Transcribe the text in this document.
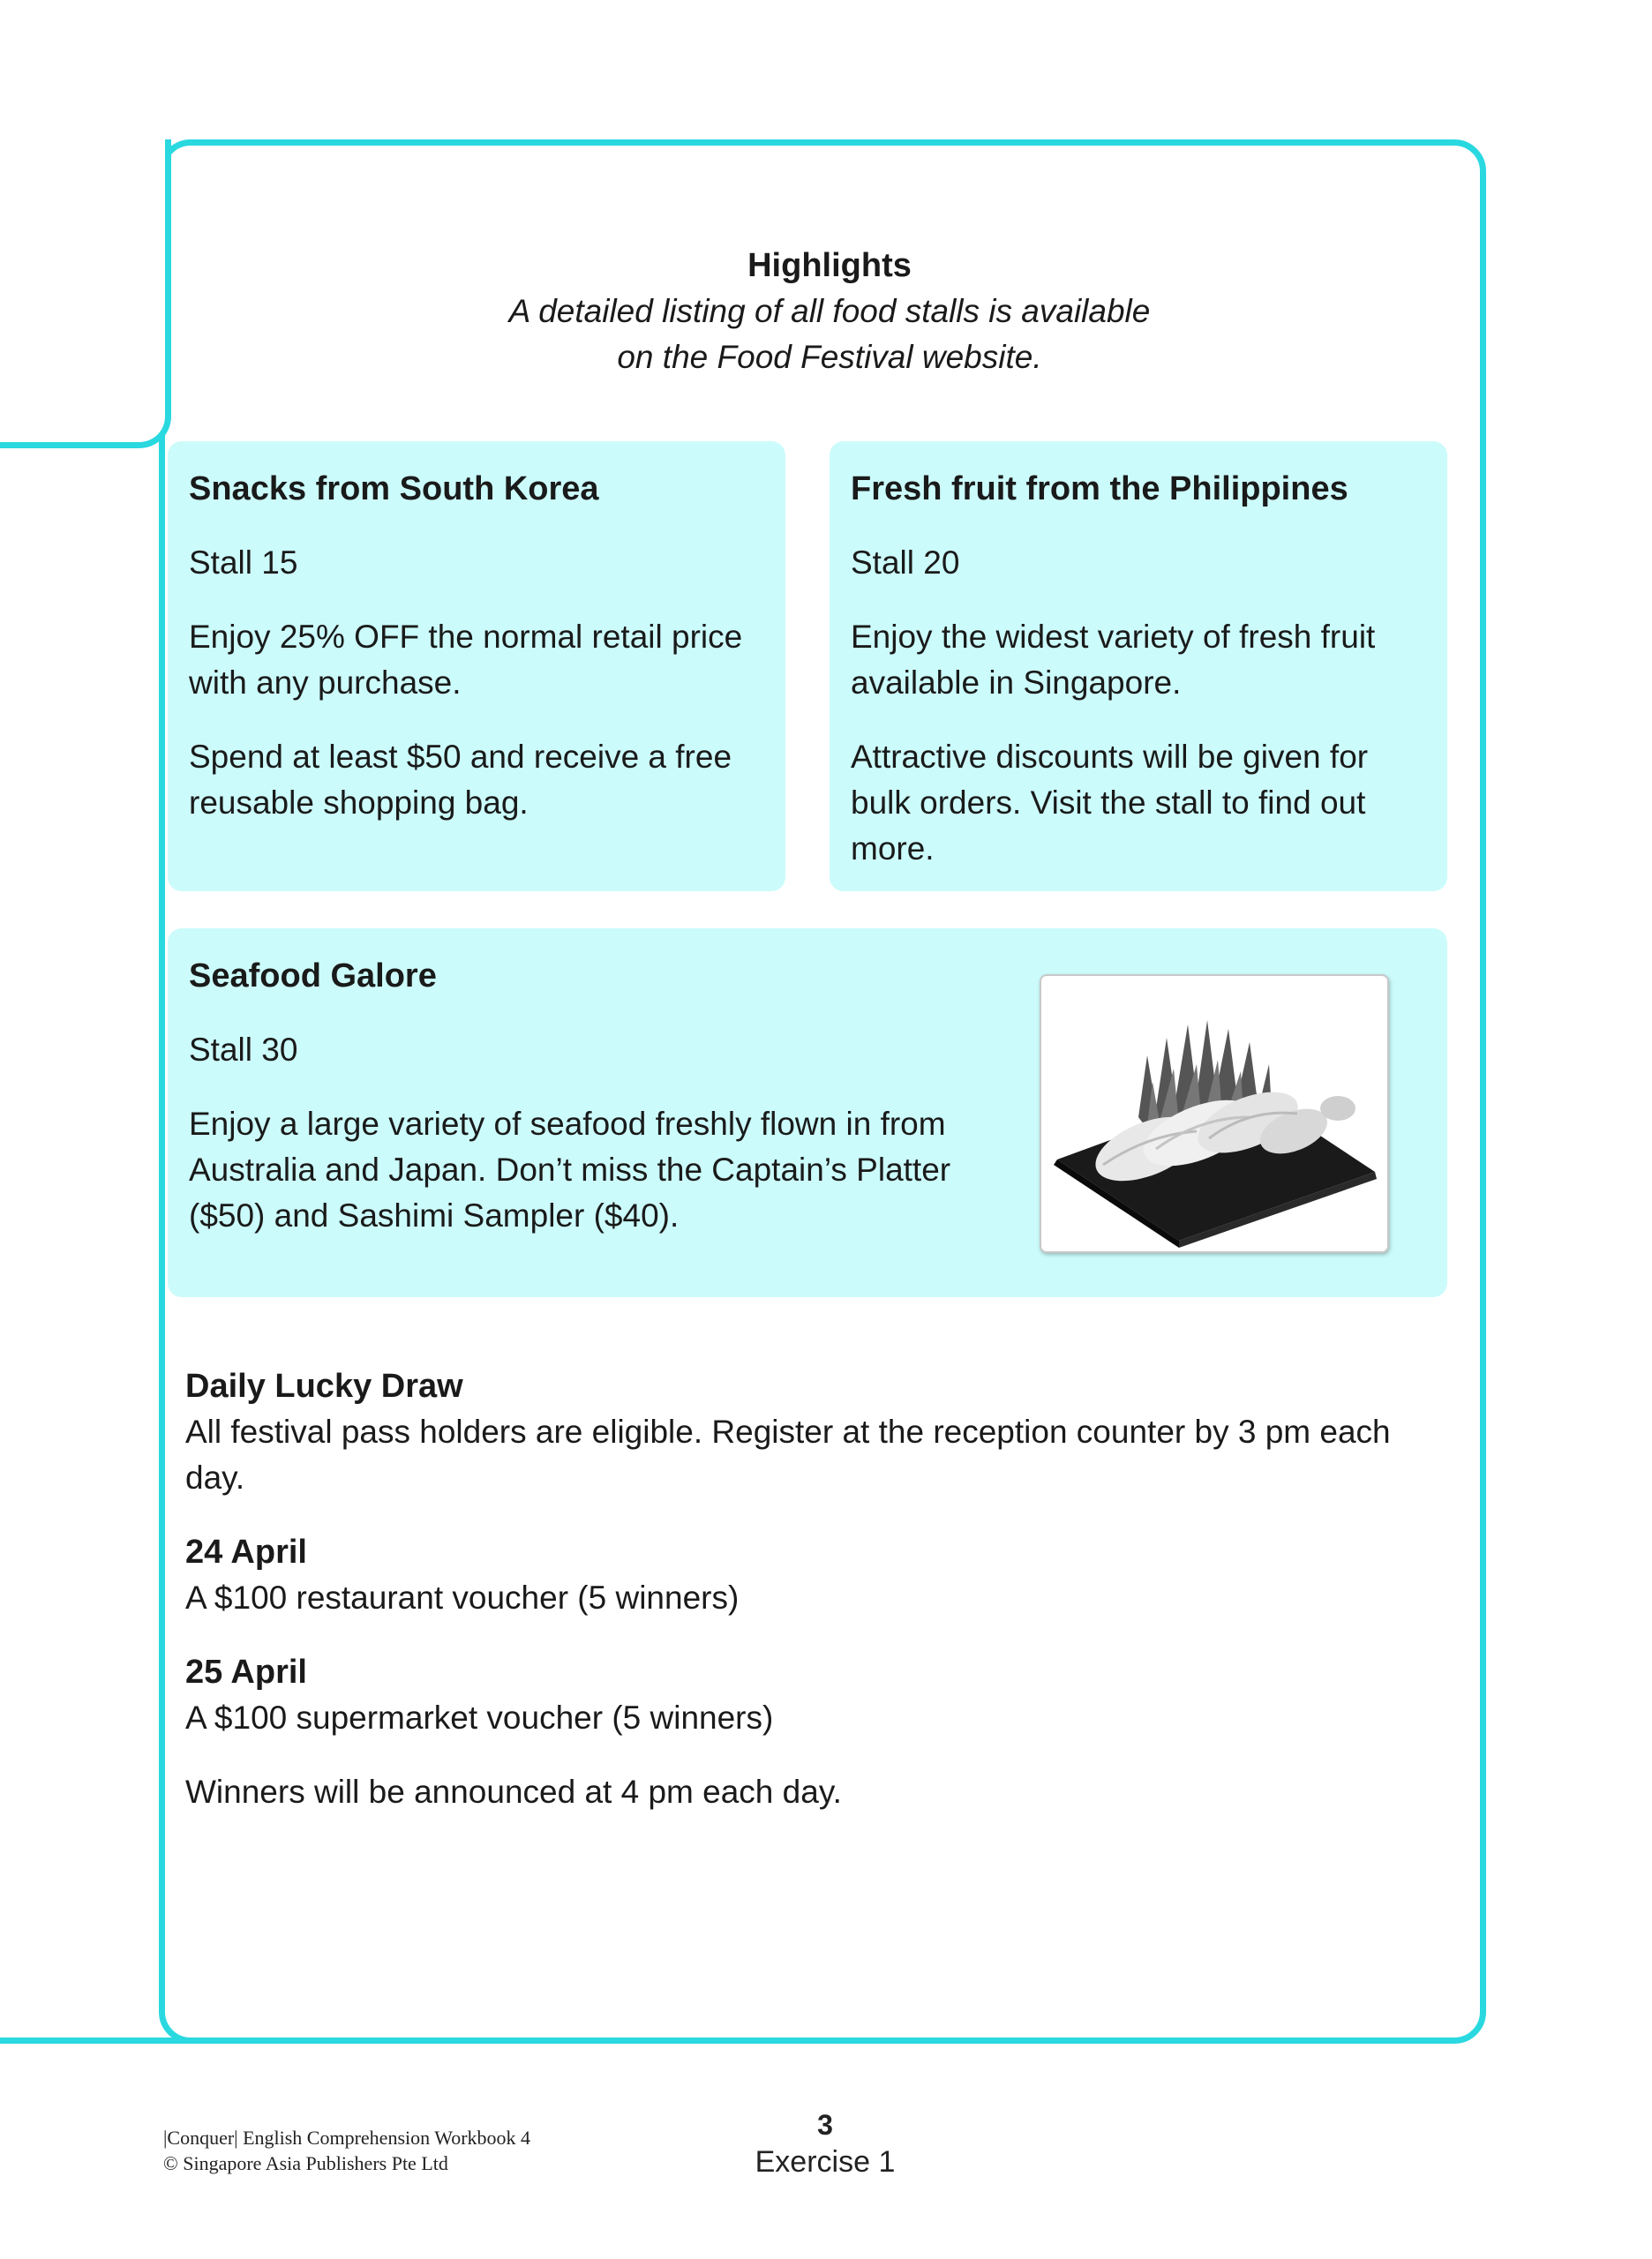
Highlights
A detailed listing of all food stalls is available
on the Food Festival website.
Snacks from South Korea
Stall 15

Enjoy 25% OFF the normal retail price with any purchase.

Spend at least $50 and receive a free reusable shopping bag.

Fresh fruit from the Philippines
Stall 20

Enjoy the widest variety of fresh fruit available in Singapore.

Attractive discounts will be given for bulk orders. Visit the stall to find out more.

Seafood Galore
Stall 30

Enjoy a large variety of seafood freshly flown in from Australia and Japan. Don’t miss the Captain’s Platter ($50) and Sashimi Sampler ($40).

Daily Lucky Draw
All festival pass holders are eligible. Register at the reception counter by 3 pm each day.
24 April
A $100 restaurant voucher (5 winners)
25 April
A $100 supermarket voucher (5 winners)
Winners will be announced at 4 pm each day.
|Conquer| English Comprehension Workbook 4
© Singapore Asia Publishers Pte Ltd
3
Exercise 1
